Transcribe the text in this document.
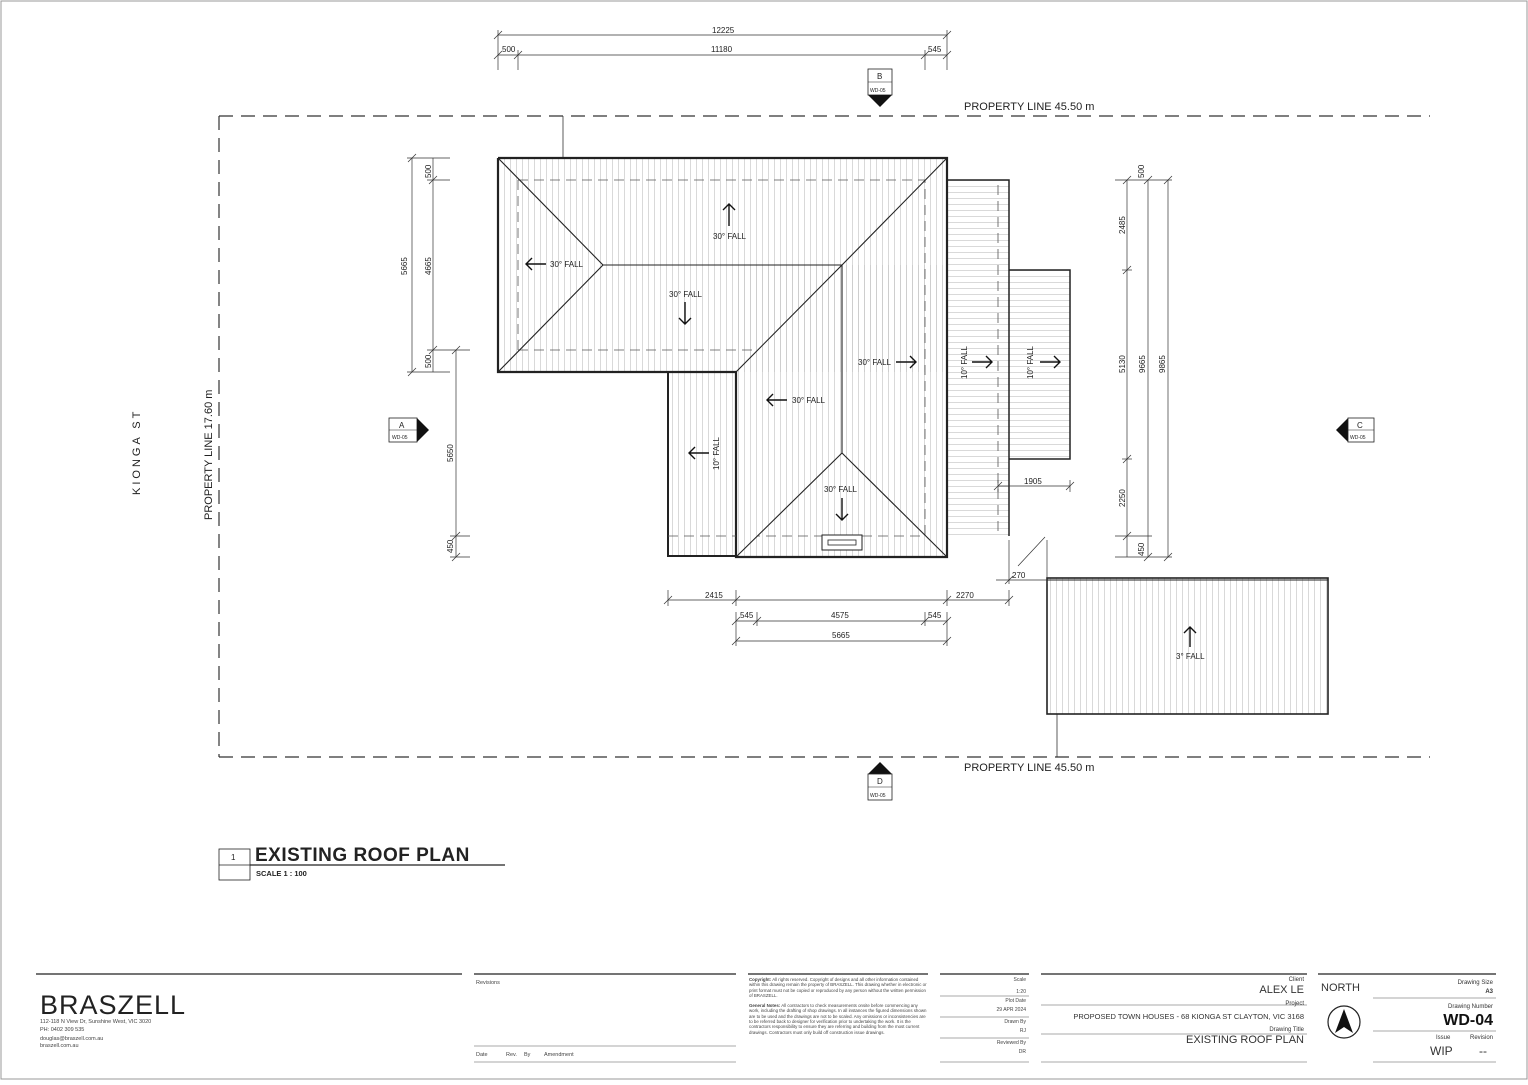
PROPERTY LINE 45.50 m
PROPERTY LINE 45.50 m
PROPERTY LINE 17.60 m
KIONGA ST
30° FALL
30° FALL
30° FALL
30° FALL
30° FALL
30° FALL
10° FALL
10° FALL	10° FALL
3° FALL
12225
500	11180	545
5665
500
4665
500
5650
450
500
2485
5130 9665 9865
2250
450
1905
270
2415	2270
545	4575	545
5665
B
WD-05
D
WD-05
A
WD-05
C
WD-05
1 EXISTING ROOF PLAN
SCALE 1 : 100
BRASZELL
112-118 N View Dr, Sunshine West, VIC 3020
PH: 0402 309 535
douglas@braszell.com.au
braszell.com.au
Revisions
Date	Rev. By Amendment
Copyright: All rights reserved. Copyright of designs and all other information contained within this drawing remain the property of BRASZELL. This drawing whether in electronic or print format must not be copied or reproduced by any person without the written permission of BRASZELL.
General Notes: All contractors to check measurements onsite before commencing any work, including the drafting of shop drawings. In all instances the figured dimensions shown are to be used and the drawings are not to be scaled. Any omissions or inconsistencies are to be referred back to designer for verification prior to undertaking the work. It is the contractors responsibility to ensure they are referring and building from the most current drawings. Contractors must only build off construction issue drawings.
Scale
1:20
Plot Date
29 APR 2024
Drawn By
RJ
Reviewed By
DR
Client
ALEX LE
Project
PROPOSED TOWN HOUSES - 68 KIONGA ST CLAYTON, VIC 3168
Drawing Title
EXISTING ROOF PLAN
NORTH	Drawing Size
A3
Drawing Number
WD-04
Issue	Revision
WIP --
